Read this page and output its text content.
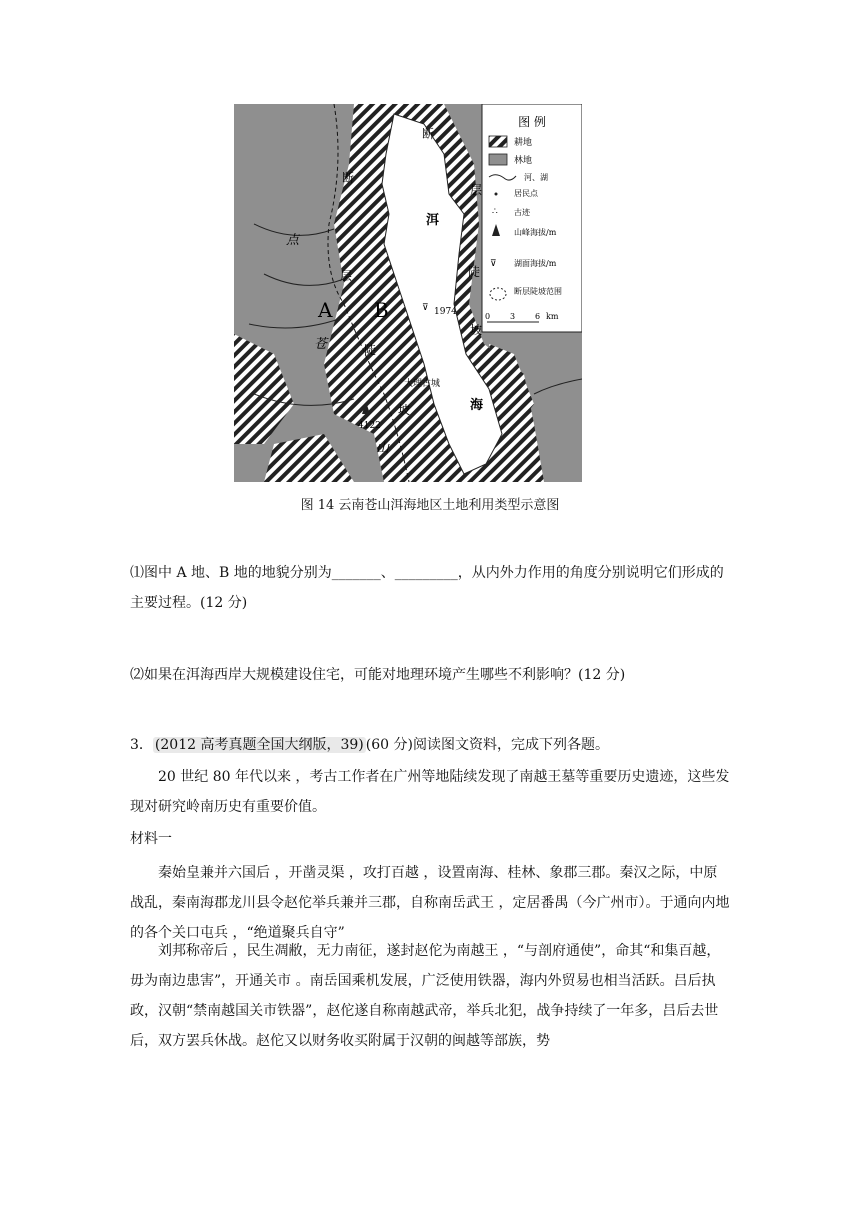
图 例
耕地
林地
河、湖
居民点
∴ 古迹
山峰海拔/m
⊽ 湖面海拔/m
断层陡坡范围
0 3 6 km
断
断
层
陡
坡
洱
海
点
层
苍	陡
坡
山
A B
4122
⊽ 1974
大理古城
图 14 云南苍山洱海地区土地利用类型示意图
⑴图中 A 地、B 地的地貌分别为_______、_________，从内外力作用的角度分别说明它们形成的主要过程。(12 分)
⑵如果在洱海西岸大规模建设住宅，可能对地理环境产生哪些不利影响？(12 分)
3． (2012 高考真题全国大纲版，39) (60 分)阅读图文资料，完成下列各题。
20 世纪 80 年代以来 ，考古工作者在广州等地陆续发现了南越王墓等重要历史遗迹，这些发现对研究岭南历史有重要价值。
材料一
秦始皇兼并六国后 ，开凿灵渠 ，攻打百越 ，设置南海、桂林、象郡三郡。秦汉之际，中原战乱，秦南海郡龙川县令赵佗举兵兼并三郡，自称南岳武王 ，定居番禺（今广州市）。于通向内地的各个关口屯兵 ，“绝道聚兵自守”
刘邦称帝后 ，民生凋敝，无力南征，遂封赵佗为南越王 ，“与剖府通使”，命其“和集百越，毋为南边患害”，开通关市 。南岳国乘机发展，广泛使用铁器，海内外贸易也相当活跃。吕后执政，汉朝“禁南越国关市铁器”，赵佗遂自称南越武帝，举兵北犯，战争持续了一年多，吕后去世后，双方罢兵休战。赵佗又以财务收买附属于汉朝的闽越等部族，势
